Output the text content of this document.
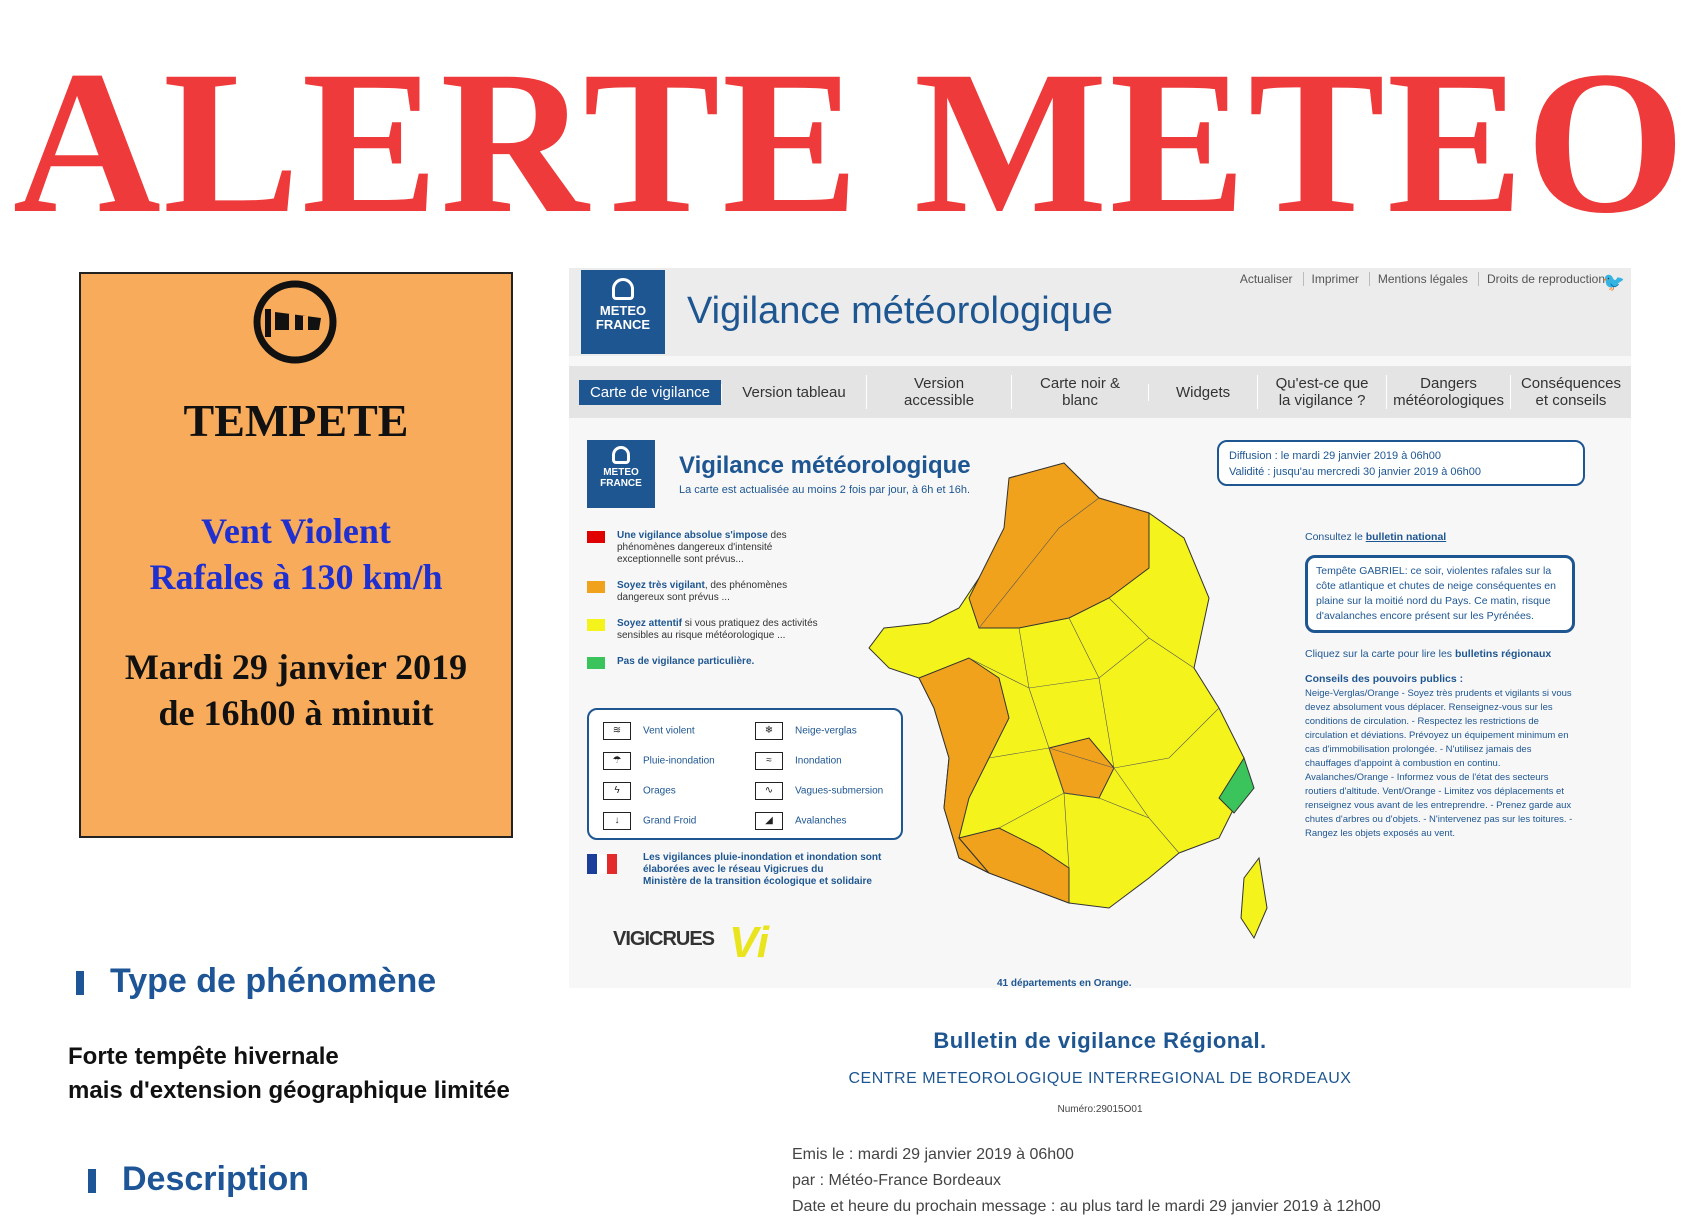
ALERTE METEO
TEMPETE
Vent Violent
Rafales à 130 km/h
Mardi 29 janvier 2019
de 16h00 à minuit
Type de phénomène
Forte tempête hivernale
mais d'extension géographique limitée
Description
METEO
FRANCE Vigilance météorologique
Actualiser Imprimer Mentions légales Droits de reproduction
🐦
Carte de vigilance	Version tableau	Version accessible
Carte noir & blanc	Widgets	Qu'est-ce que la vigilance ?
Dangers météorologiques
Conséquences et conseils
METEO
FRANCE
Vigilance météorologique
La carte est actualisée au moins 2 fois par jour, à 6h et 16h.
Diffusion : le mardi 29 janvier 2019 à 06h00
Validité : jusqu'au mercredi 30 janvier 2019 à 06h00
Une vigilance absolue s'impose des phénomènes dangereux d'intensité exceptionnelle sont prévus...
Soyez très vigilant, des phénomènes dangereux sont prévus ...
Soyez attentif si vous pratiquez des activités sensibles au risque météorologique ...
Pas de vigilance particulière.
≋ Vent violent	❄ Neige-verglas
☂ Pluie-inondation	≈ Inondation
ϟ Orages	∿ Vagues-submersion
↓ Grand Froid	◢ Avalanches
Les vigilances pluie-inondation et inondation sont élaborées avec le réseau Vigicrues du
Ministère de la transition écologique et solidaire
VIGICRUES Vi
41 départements en Orange.
Consultez le bulletin national
Tempête GABRIEL: ce soir, violentes rafales sur la côte atlantique et chutes de neige conséquentes en plaine sur la moitié nord du Pays. Ce matin, risque d'avalanches encore présent sur les Pyrénées.
Cliquez sur la carte pour lire les bulletins régionaux
Conseils des pouvoirs publics :
Neige-Verglas/Orange - Soyez très prudents et vigilants si vous devez absolument vous déplacer. Renseignez-vous sur les conditions de circulation. - Respectez les restrictions de circulation et déviations. Prévoyez un équipement minimum en cas d'immobilisation prolongée. - N'utilisez jamais des chauffages d'appoint à combustion en continu. Avalanches/Orange - Informez vous de l'état des secteurs routiers d'altitude. Vent/Orange - Limitez vos déplacements et renseignez vous avant de les entreprendre. - Prenez garde aux chutes d'arbres ou d'objets. - N'intervenez pas sur les toitures. - Rangez les objets exposés au vent.
Bulletin de vigilance Régional.
CENTRE METEOROLOGIQUE INTERREGIONAL DE BORDEAUX
Numéro:29015O01
Emis le : mardi 29 janvier 2019 à 06h00
par : Météo-France Bordeaux
Date et heure du prochain message : au plus tard le mardi 29 janvier 2019 à 12h00
